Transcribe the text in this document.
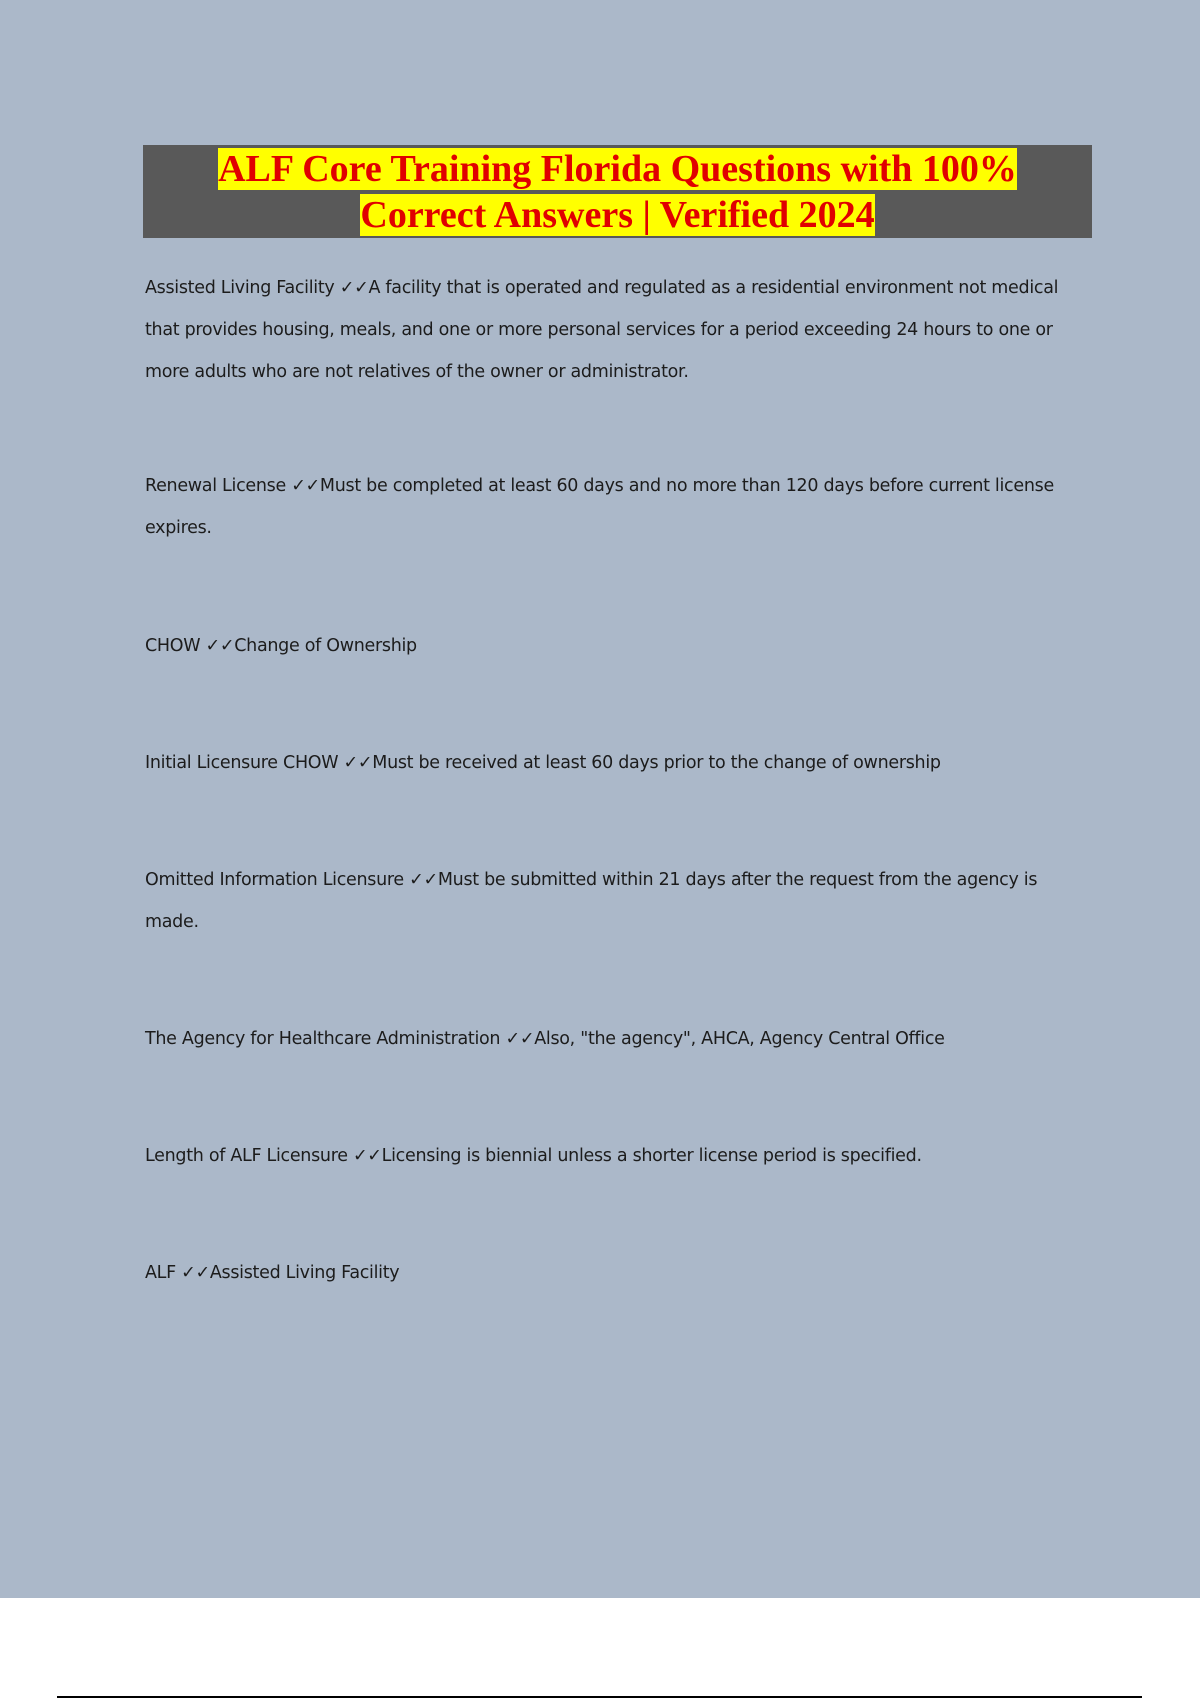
ALF Core Training Florida Questions with 100%
Correct Answers | Verified 2024

Assisted Living Facility ✓✓A facility that is operated and regulated as a residential environment not medical that provides housing, meals, and one or more personal services for a period exceeding 24 hours to one or more adults who are not relatives of the owner or administrator.

Renewal License ✓✓Must be completed at least 60 days and no more than 120 days before current license expires.

CHOW ✓✓Change of Ownership

Initial Licensure CHOW ✓✓Must be received at least 60 days prior to the change of ownership

Omitted Information Licensure ✓✓Must be submitted within 21 days after the request from the agency is made.

The Agency for Healthcare Administration ✓✓Also, "the agency", AHCA, Agency Central Office

Length of ALF Licensure ✓✓Licensing is biennial unless a shorter license period is specified.

ALF ✓✓Assisted Living Facility
